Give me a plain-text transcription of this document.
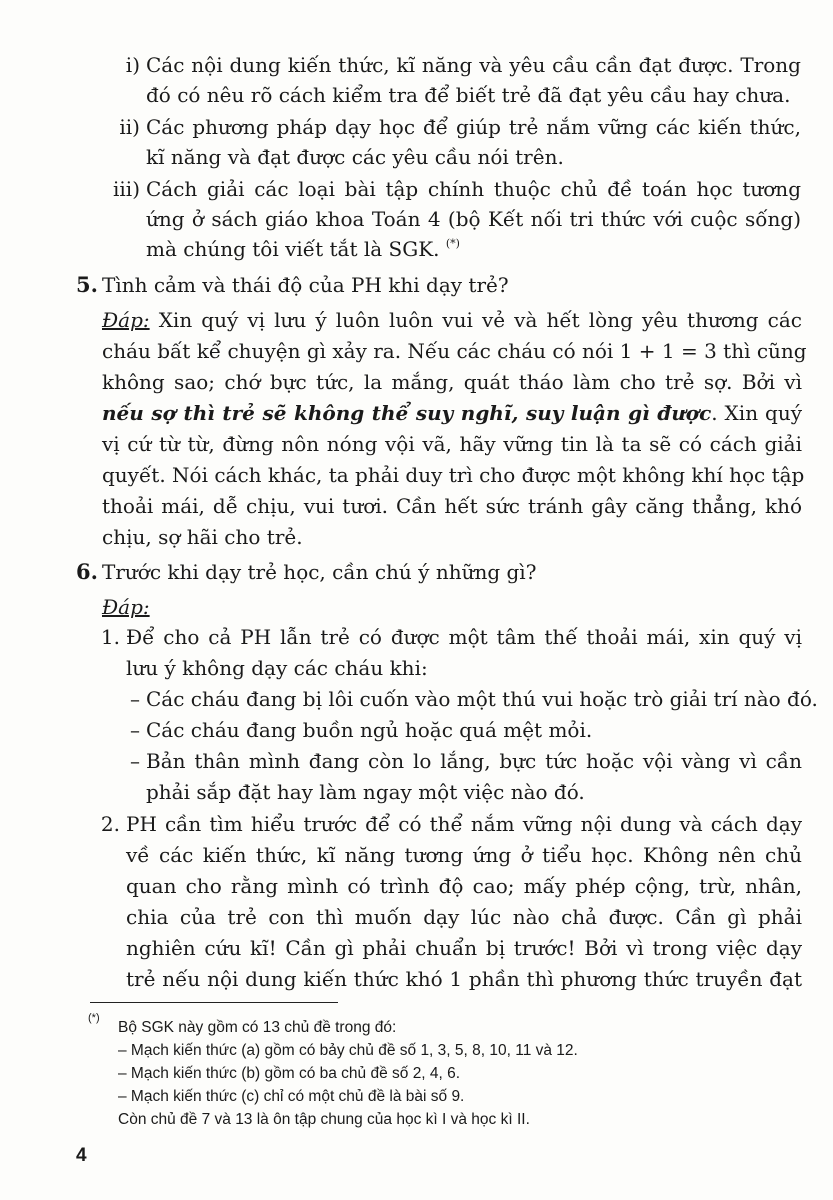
i) Các nội dung kiến thức, kĩ năng và yêu cầu cần đạt được. Trong
đó có nêu rõ cách kiểm tra để biết trẻ đã đạt yêu cầu hay chưa.
ii) Các phương pháp dạy học để giúp trẻ nắm vững các kiến thức,
kĩ năng và đạt được các yêu cầu nói trên.
iii) Cách giải các loại bài tập chính thuộc chủ đề toán học tương
ứng ở sách giáo khoa Toán 4 (bộ Kết nối tri thức với cuộc sống)
mà chúng tôi viết tắt là SGK. (*)
5. Tình cảm và thái độ của PH khi dạy trẻ?
Đáp: Xin quý vị lưu ý luôn luôn vui vẻ và hết lòng yêu thương các
cháu bất kể chuyện gì xảy ra. Nếu các cháu có nói 1 + 1 = 3 thì cũng
không sao; chớ bực tức, la mắng, quát tháo làm cho trẻ sợ. Bởi vì
nếu sợ thì trẻ sẽ không thể suy nghĩ, suy luận gì được. Xin quý
vị cứ từ từ, đừng nôn nóng vội vã, hãy vững tin là ta sẽ có cách giải
quyết. Nói cách khác, ta phải duy trì cho được một không khí học tập
thoải mái, dễ chịu, vui tươi. Cần hết sức tránh gây căng thẳng, khó
chịu, sợ hãi cho trẻ.
6. Trước khi dạy trẻ học, cần chú ý những gì?
Đáp:
1. Để cho cả PH lẫn trẻ có được một tâm thế thoải mái, xin quý vị
lưu ý không dạy các cháu khi:
– Các cháu đang bị lôi cuốn vào một thú vui hoặc trò giải trí nào đó.
– Các cháu đang buồn ngủ hoặc quá mệt mỏi.
– Bản thân mình đang còn lo lắng, bực tức hoặc vội vàng vì cần
phải sắp đặt hay làm ngay một việc nào đó.
2. PH cần tìm hiểu trước để có thể nắm vững nội dung và cách dạy
về các kiến thức, kĩ năng tương ứng ở tiểu học. Không nên chủ
quan cho rằng mình có trình độ cao; mấy phép cộng, trừ, nhân,
chia của trẻ con thì muốn dạy lúc nào chả được. Cần gì phải
nghiên cứu kĩ! Cần gì phải chuẩn bị trước! Bởi vì trong việc dạy
trẻ nếu nội dung kiến thức khó 1 phần thì phương thức truyền đạt
(*)
Bộ SGK này gồm có 13 chủ đề trong đó:
– Mạch kiến thức (a) gồm có bảy chủ đề số 1, 3, 5, 8, 10, 11 và 12.
– Mạch kiến thức (b) gồm có ba chủ đề số 2, 4, 6.
– Mạch kiến thức (c) chỉ có một chủ đề là bài số 9.
Còn chủ đề 7 và 13 là ôn tập chung của học kì I và học kì II.
4
